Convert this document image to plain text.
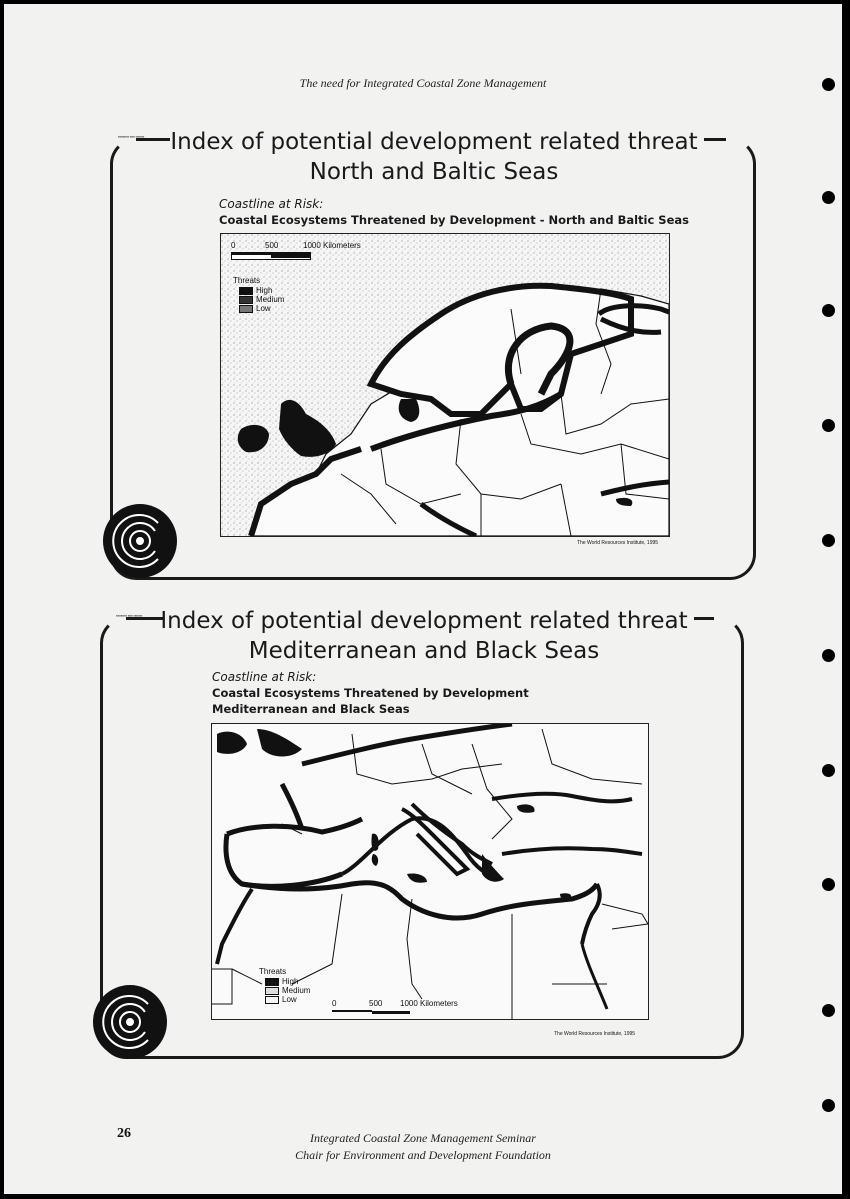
The need for Integrated Coastal Zone Management
▪▪▪▪▪▪▪▪▪ ▪▪▪▪ ▪▪▪▪▪▪▪ Index of potential development related threat
North and Baltic Seas
Coastline at Risk:
Coastal Ecosystems Threatened by Development - North and Baltic Seas
0	500	1000 Kilometers
Threats
High
Medium
Low
The World Resources Institute, 1995
▪▪▪▪▪▪▪▪▪ ▪▪▪▪ ▪▪▪▪▪▪▪ Index of potential development related threat
Mediterranean and Black Seas
Coastline at Risk:
Coastal Ecosystems Threatened by Development
Mediterranean and Black Seas
Threats
High
Medium
Low	0	500 1000 Kilometers
The World Resources Institute, 1995
26	Integrated Coastal Zone Management Seminar
Chair for Environment and Development Foundation
